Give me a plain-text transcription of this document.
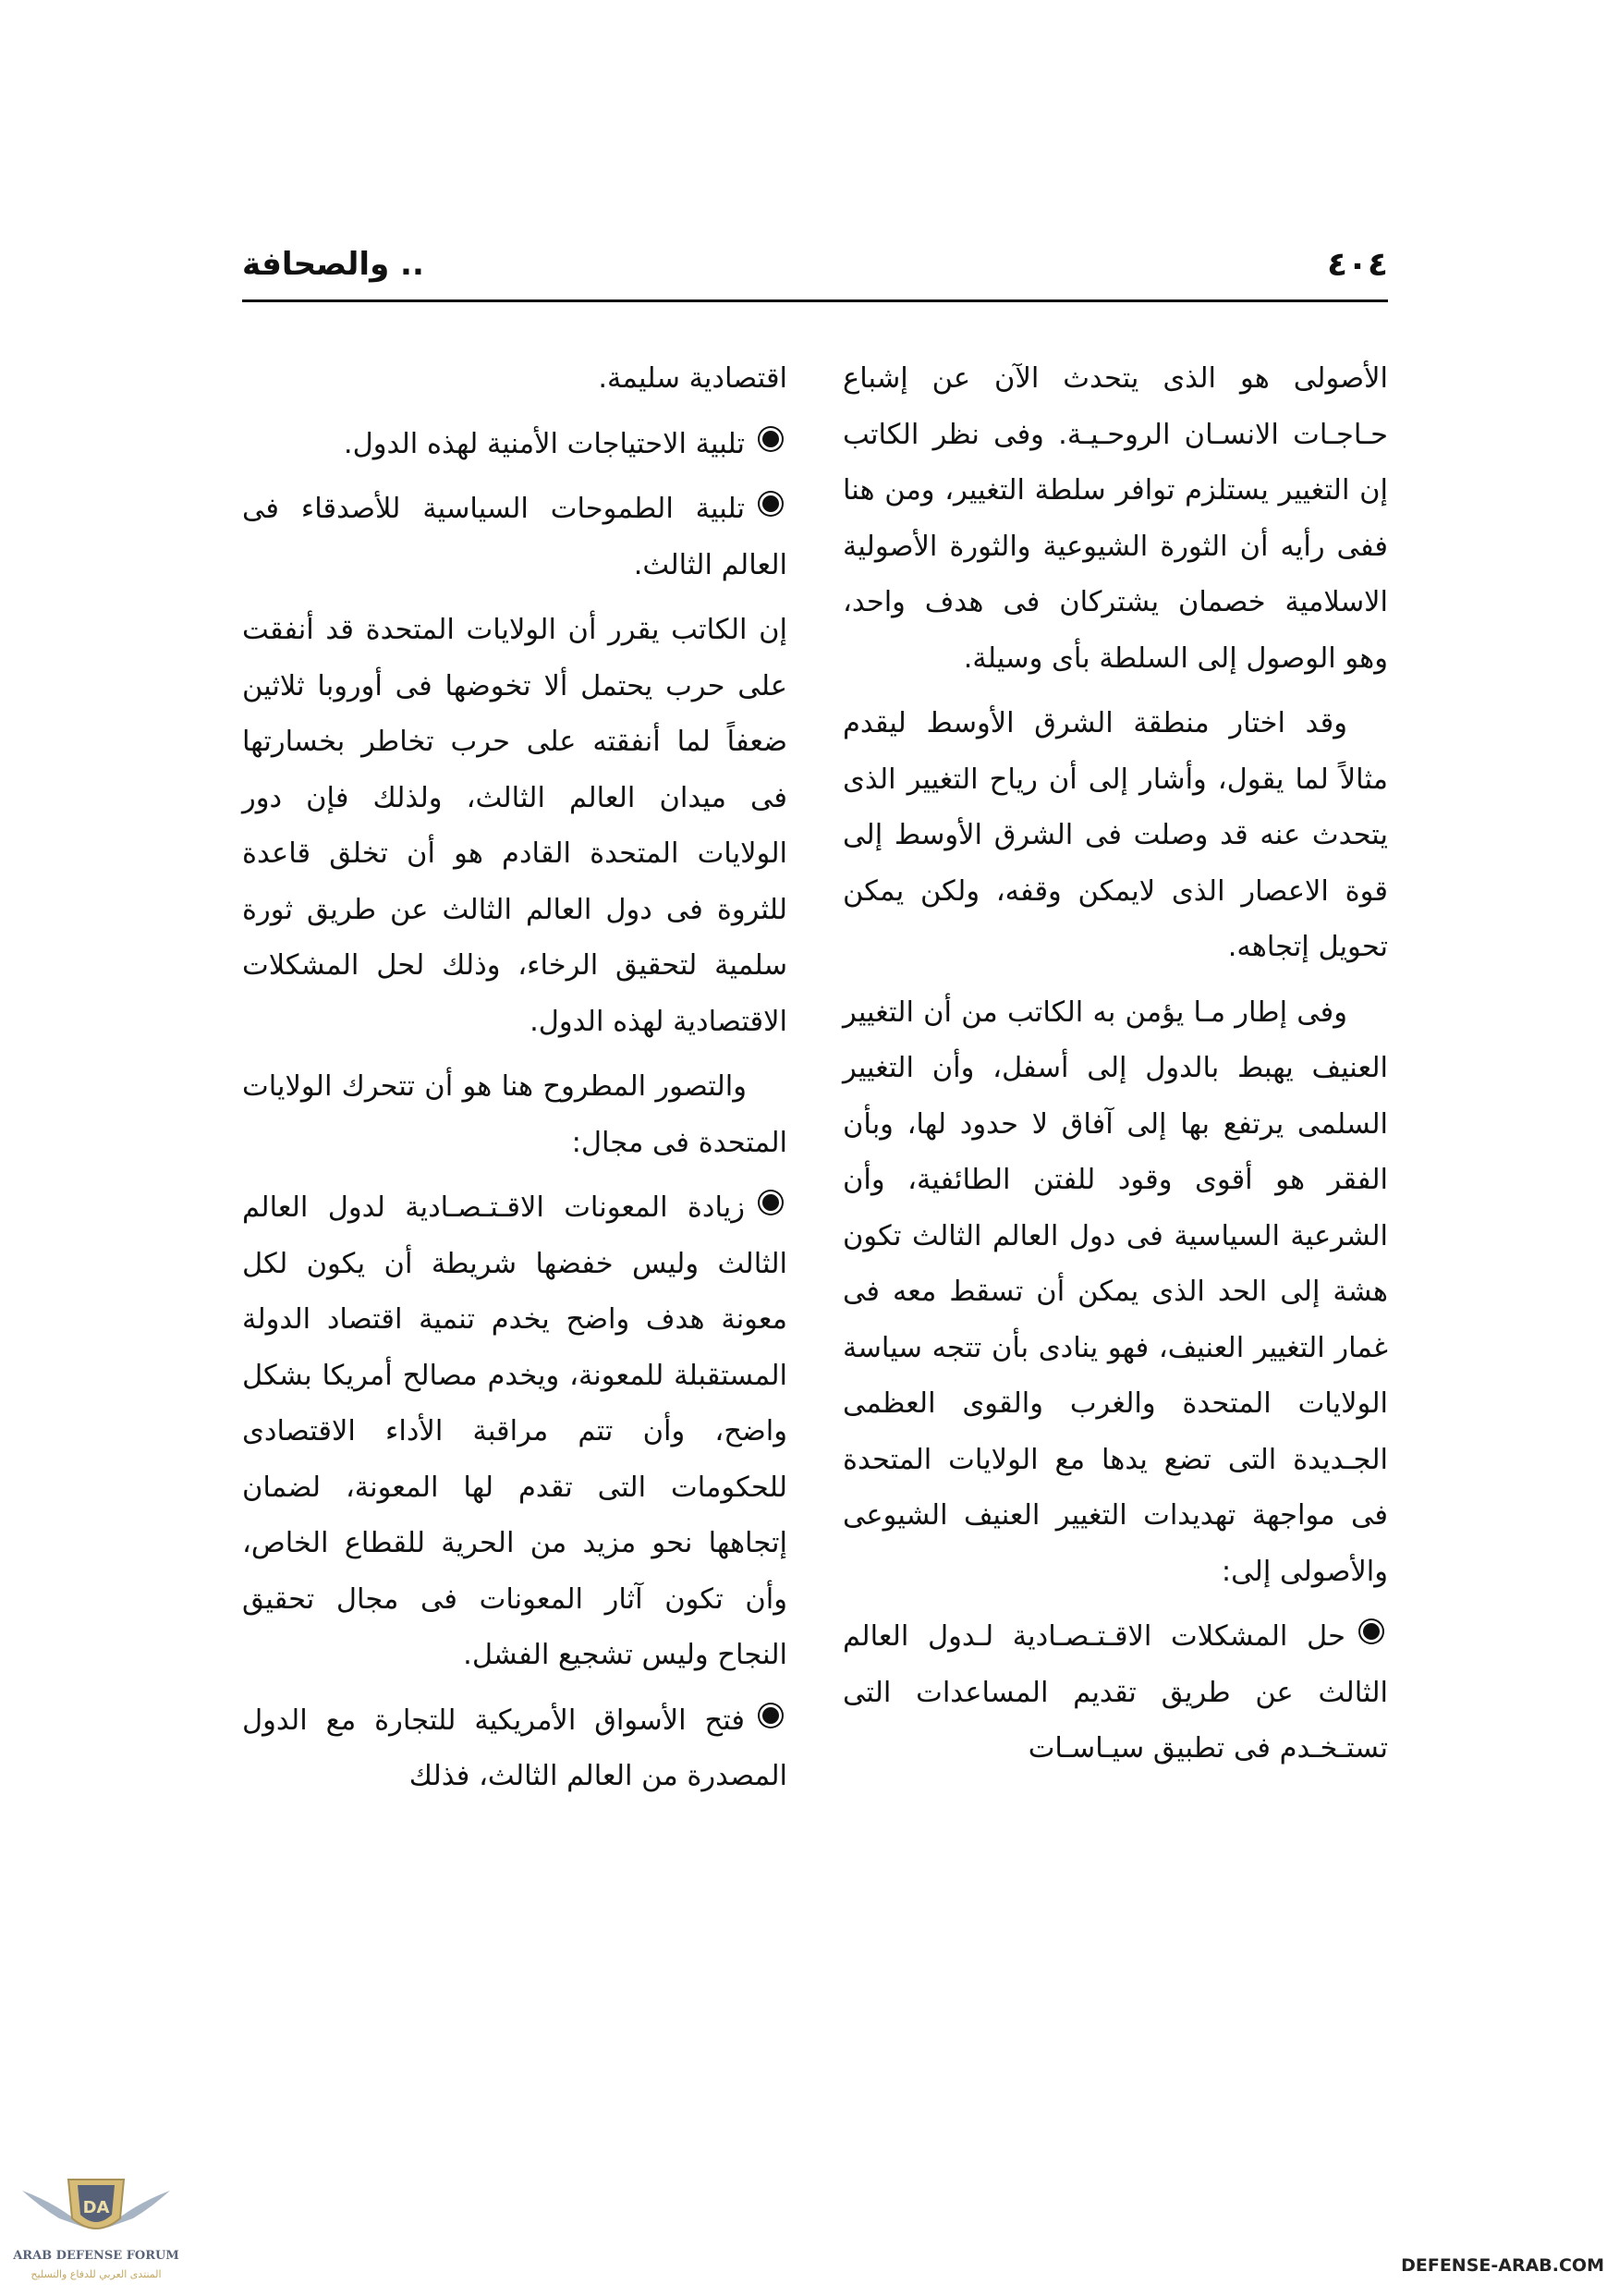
٤٠٤
.. والصحافة

الأصولى هو الذى يتحدث الآن عن إشباع حـاجـات الانسـان الروحـيـة. وفى نظر الكاتب إن التغيير يستلزم توافر سلطة التغيير، ومن هنا ففى رأيه أن الثورة الشيوعية والثورة الأصولية الاسلامية خصمان يشتركان فى هدف واحد، وهو الوصول إلى السلطة بأى وسيلة.

وقد اختار منطقة الشرق الأوسط ليقدم مثالاً لما يقول، وأشار إلى أن رياح التغيير الذى يتحدث عنه قد وصلت فى الشرق الأوسط إلى قوة الاعصار الذى لايمكن وقفه، ولكن يمكن تحويل إتجاهه.

وفى إطار مـا يؤمن به الكاتب من أن التغيير العنيف يهبط بالدول إلى أسفل، وأن التغيير السلمى يرتفع بها إلى آفاق لا حدود لها، وبأن الفقر هو أقوى وقود للفتن الطائفية، وأن الشرعية السياسية فى دول العالم الثالث تكون هشة إلى الحد الذى يمكن أن تسقط معه فى غمار التغيير العنيف، فهو ينادى بأن تتجه سياسة الولايات المتحدة والغرب والقوى العظمى الجـديدة التى تضع يدها مع الولايات المتحدة فى مواجهة تهديدات التغيير العنيف الشيوعى والأصولى إلى:

حل المشكلات الاقـتـصـادية لـدول العالم الثالث عن طريق تقديم المساعدات التى تستـخـدم فى تطبيق سيـاسـات
اقتصادية سليمة.
تلبية الاحتياجات الأمنية لهذه الدول.
تلبية الطموحات السياسية للأصدقاء فى العالم الثالث.

إن الكاتب يقرر أن الولايات المتحدة قد أنفقت على حرب يحتمل ألا تخوضها فى أوروبا ثلاثين ضعفاً لما أنفقته على حرب تخاطر بخسارتها فى ميدان العالم الثالث، ولذلك فإن دور الولايات المتحدة القادم هو أن تخلق قاعدة للثروة فى دول العالم الثالث عن طريق ثورة سلمية لتحقيق الرخاء، وذلك لحل المشكلات الاقتصادية لهذه الدول.

والتصور المطروح هنا هو أن تتحرك الولايات المتحدة فى مجال:

زيادة المعونات الاقـتـصـادية لدول العالم الثالث وليس خفضها شريطة أن يكون لكل معونة هدف واضح يخدم تنمية اقتصاد الدولة المستقبلة للمعونة، ويخدم مصالح أمريكا بشكل واضح، وأن تتم مراقبة الأداء الاقتصادى للحكومات التى تقدم لها المعونة، لضمان إتجاهها نحو مزيد من الحرية للقطاع الخاص، وأن تكون آثار المعونات فى مجال تحقيق النجاح وليس تشجيع الفشل.
فتح الأسواق الأمريكية للتجارة مع الدول المصدرة من العالم الثالث، فذلك
DA
ARAB DEFENSE FORUM
المنتدى العربي للدفاع والتسليح	DEFENSE-ARAB.COM
